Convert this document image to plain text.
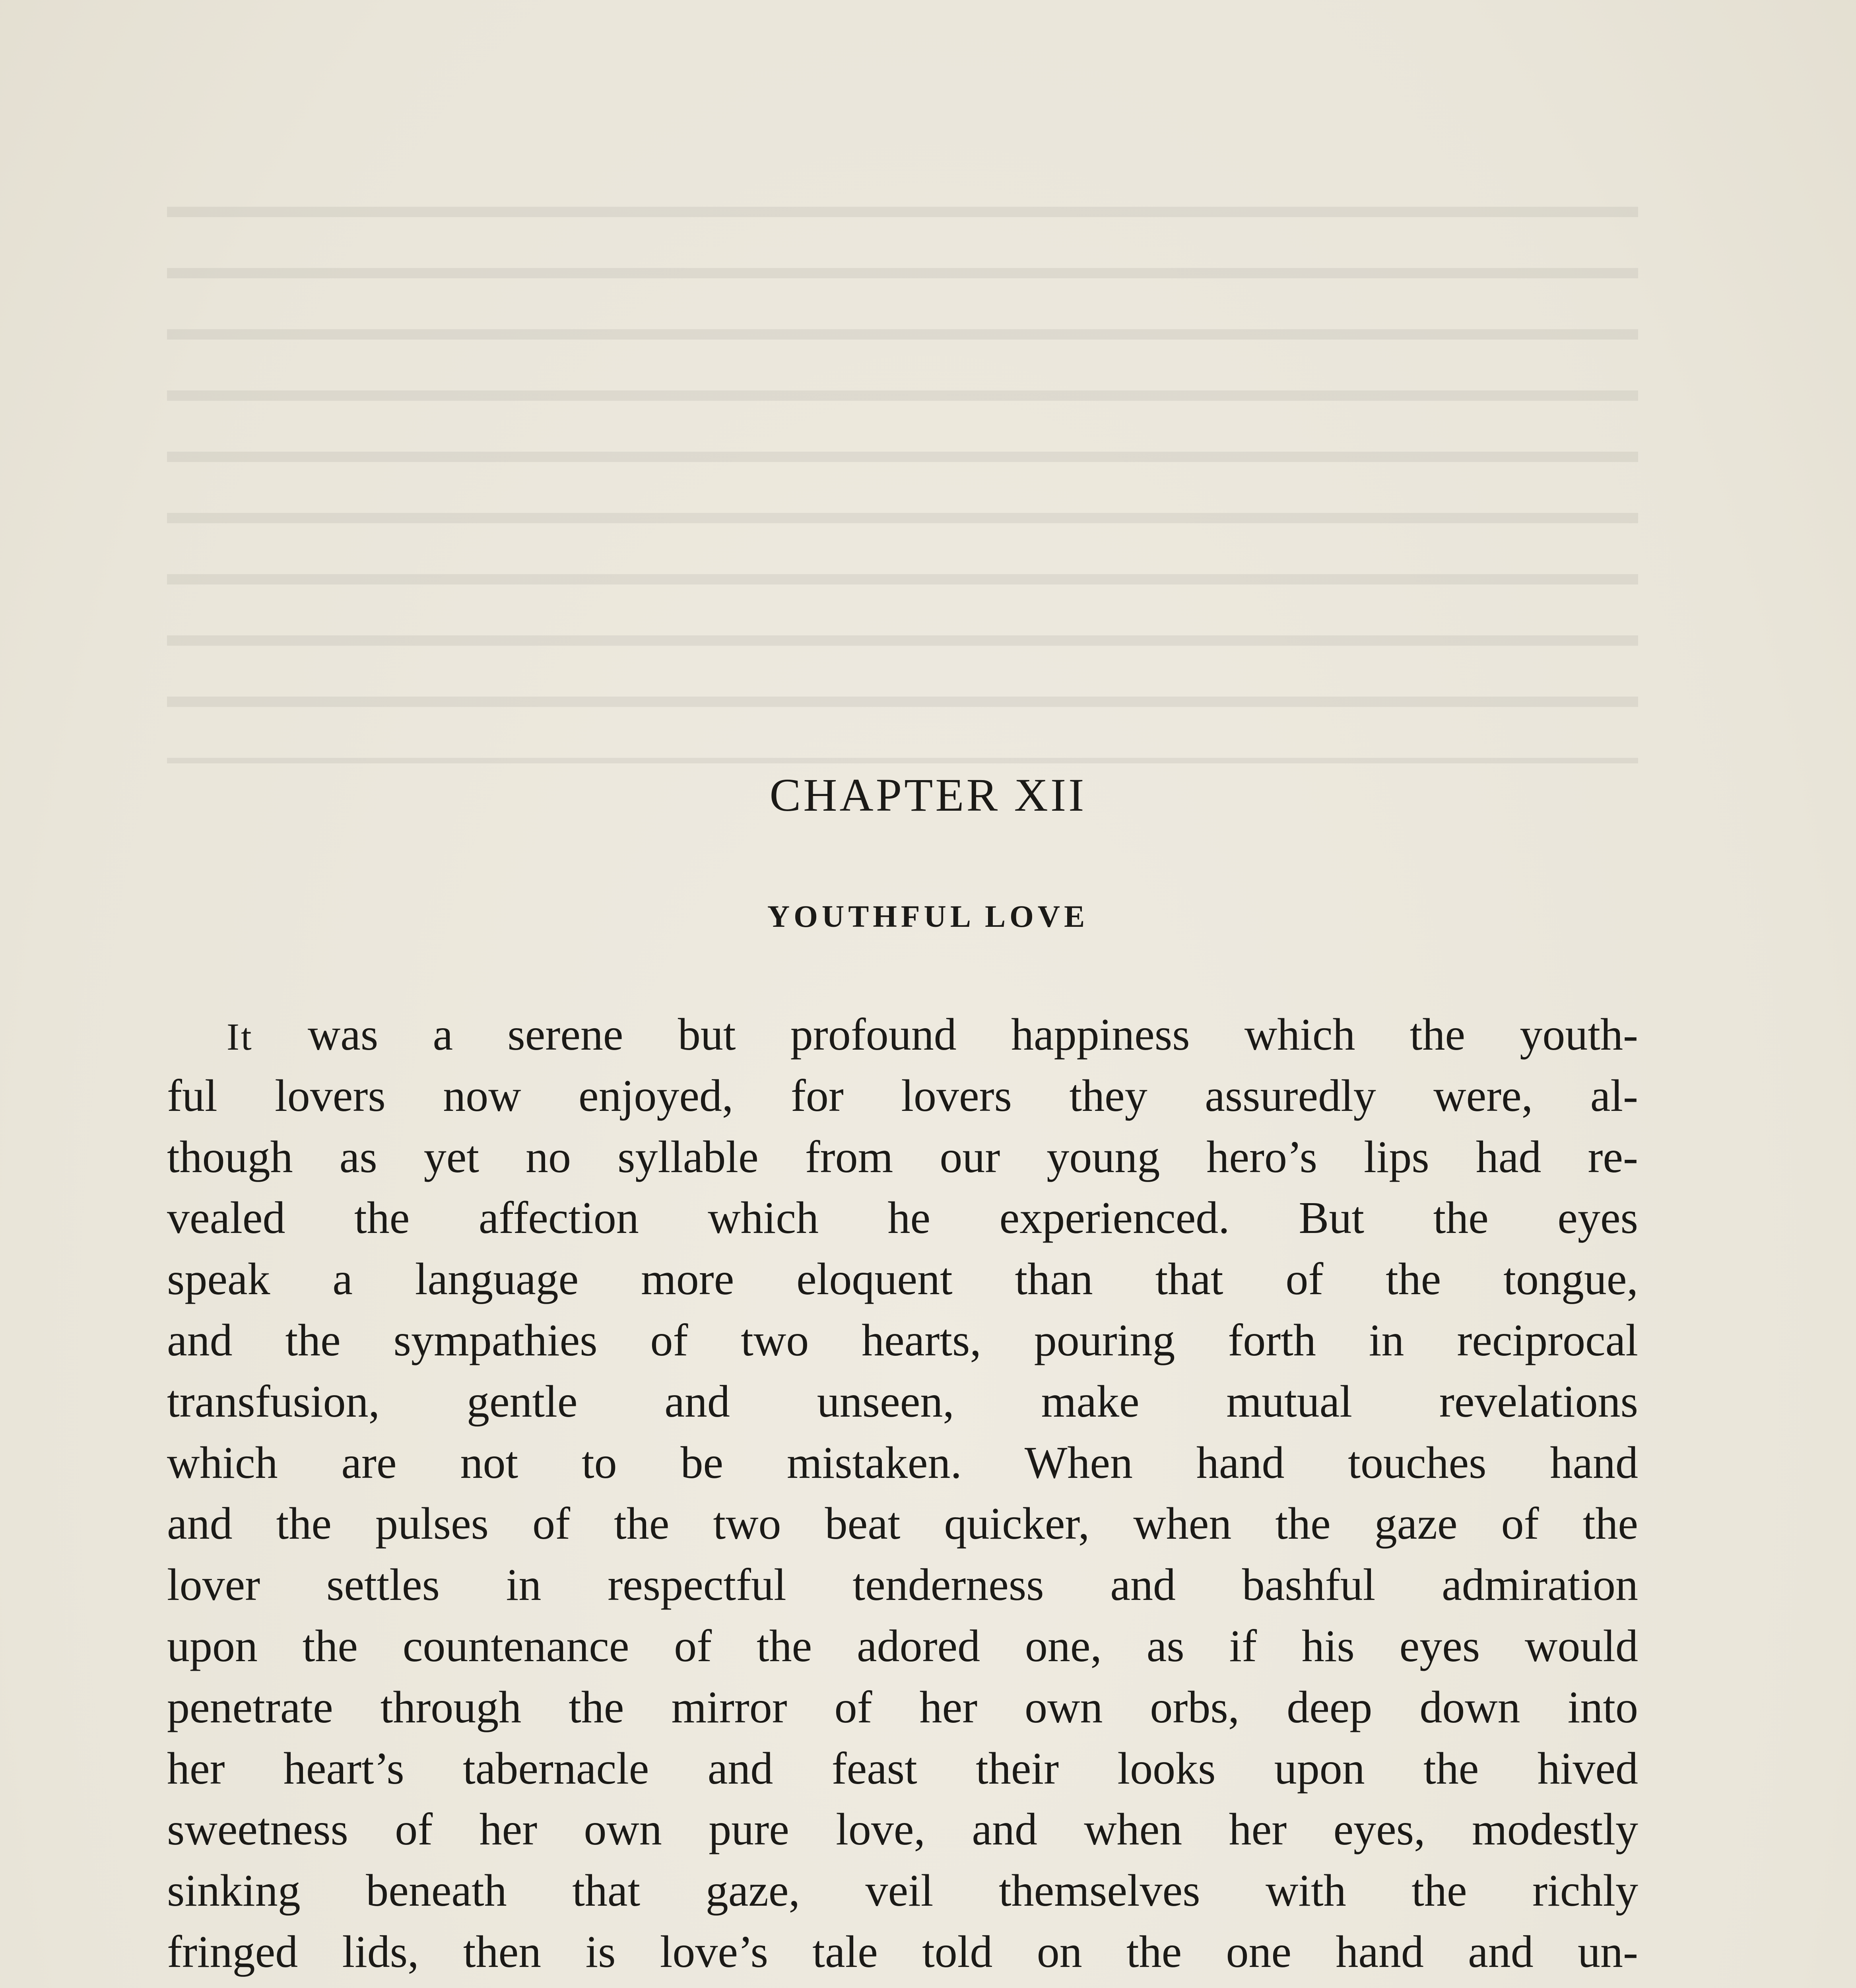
CHAPTER XII
YOUTHFUL LOVE
It was a serene but profound happiness which the youth-
ful lovers now enjoyed, for lovers they assuredly were, al-
though as yet no syllable from our young hero’s lips had re-
vealed the affection which he experienced. But the eyes
speak a language more eloquent than that of the tongue,
and the sympathies of two hearts, pouring forth in reciprocal
transfusion, gentle and unseen, make mutual revelations
which are not to be mistaken. When hand touches hand
and the pulses of the two beat quicker, when the gaze of the
lover settles in respectful tenderness and bashful admiration
upon the countenance of the adored one, as if his eyes would
penetrate through the mirror of her own orbs, deep down into
her heart’s tabernacle and feast their looks upon the hived
sweetness of her own pure love, and when her eyes, modestly
sinking beneath that gaze, veil themselves with the richly
fringed lids, then is love’s tale told on the one hand and un-
